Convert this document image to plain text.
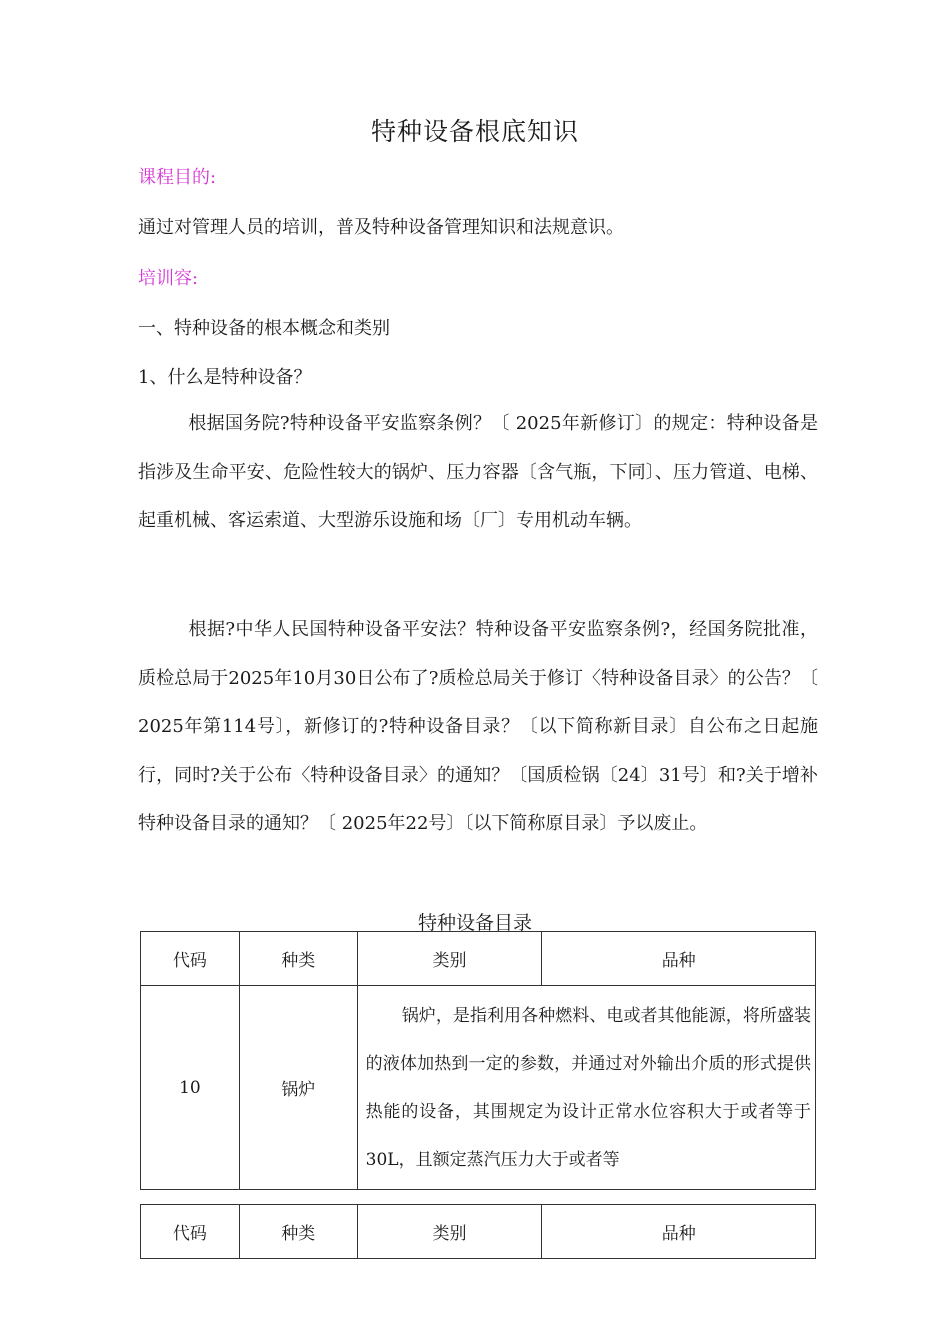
特种设备根底知识
课程目的:
通过对管理人员的培训，普及特种设备管理知识和法规意识。
培训容:
一、特种设备的根本概念和类别
1、什么是特种设备？
根据国务院?特种设备平安监察条例？〔 2025年新修订〕的规定：特种设备是指涉及生命平安、危险性较大的锅炉、压力容器〔含气瓶，下同〕、压力管道、电梯、起重机械、客运索道、大型游乐设施和场〔厂〕专用机动车辆。
根据?中华人民国特种设备平安法？特种设备平安监察条例?，经国务院批准，质检总局于2025年10月30日公布了?质检总局关于修订〈特种设备目录〉的公告？〔 2025年第114号〕，新修订的?特种设备目录？〔以下简称新目录〕自公布之日起施行，同时?关于公布〈特种设备目录〉的通知？〔国质检锅〔24〕31号〕和?关于增补特种设备目录的通知？〔 2025年22号〕〔以下简称原目录〕予以废止。
特种设备目录
代码	种类	类别	品种
10	锅炉	锅炉，是指利用各种燃料、电或者其他能源，将所盛装的液体加热到一定的参数，并通过对外输出介质的形式提供热能的设备，其围规定为设计正常水位容积大于或者等于30L，且额定蒸汽压力大于或者等	
代码	种类	类别	品种
